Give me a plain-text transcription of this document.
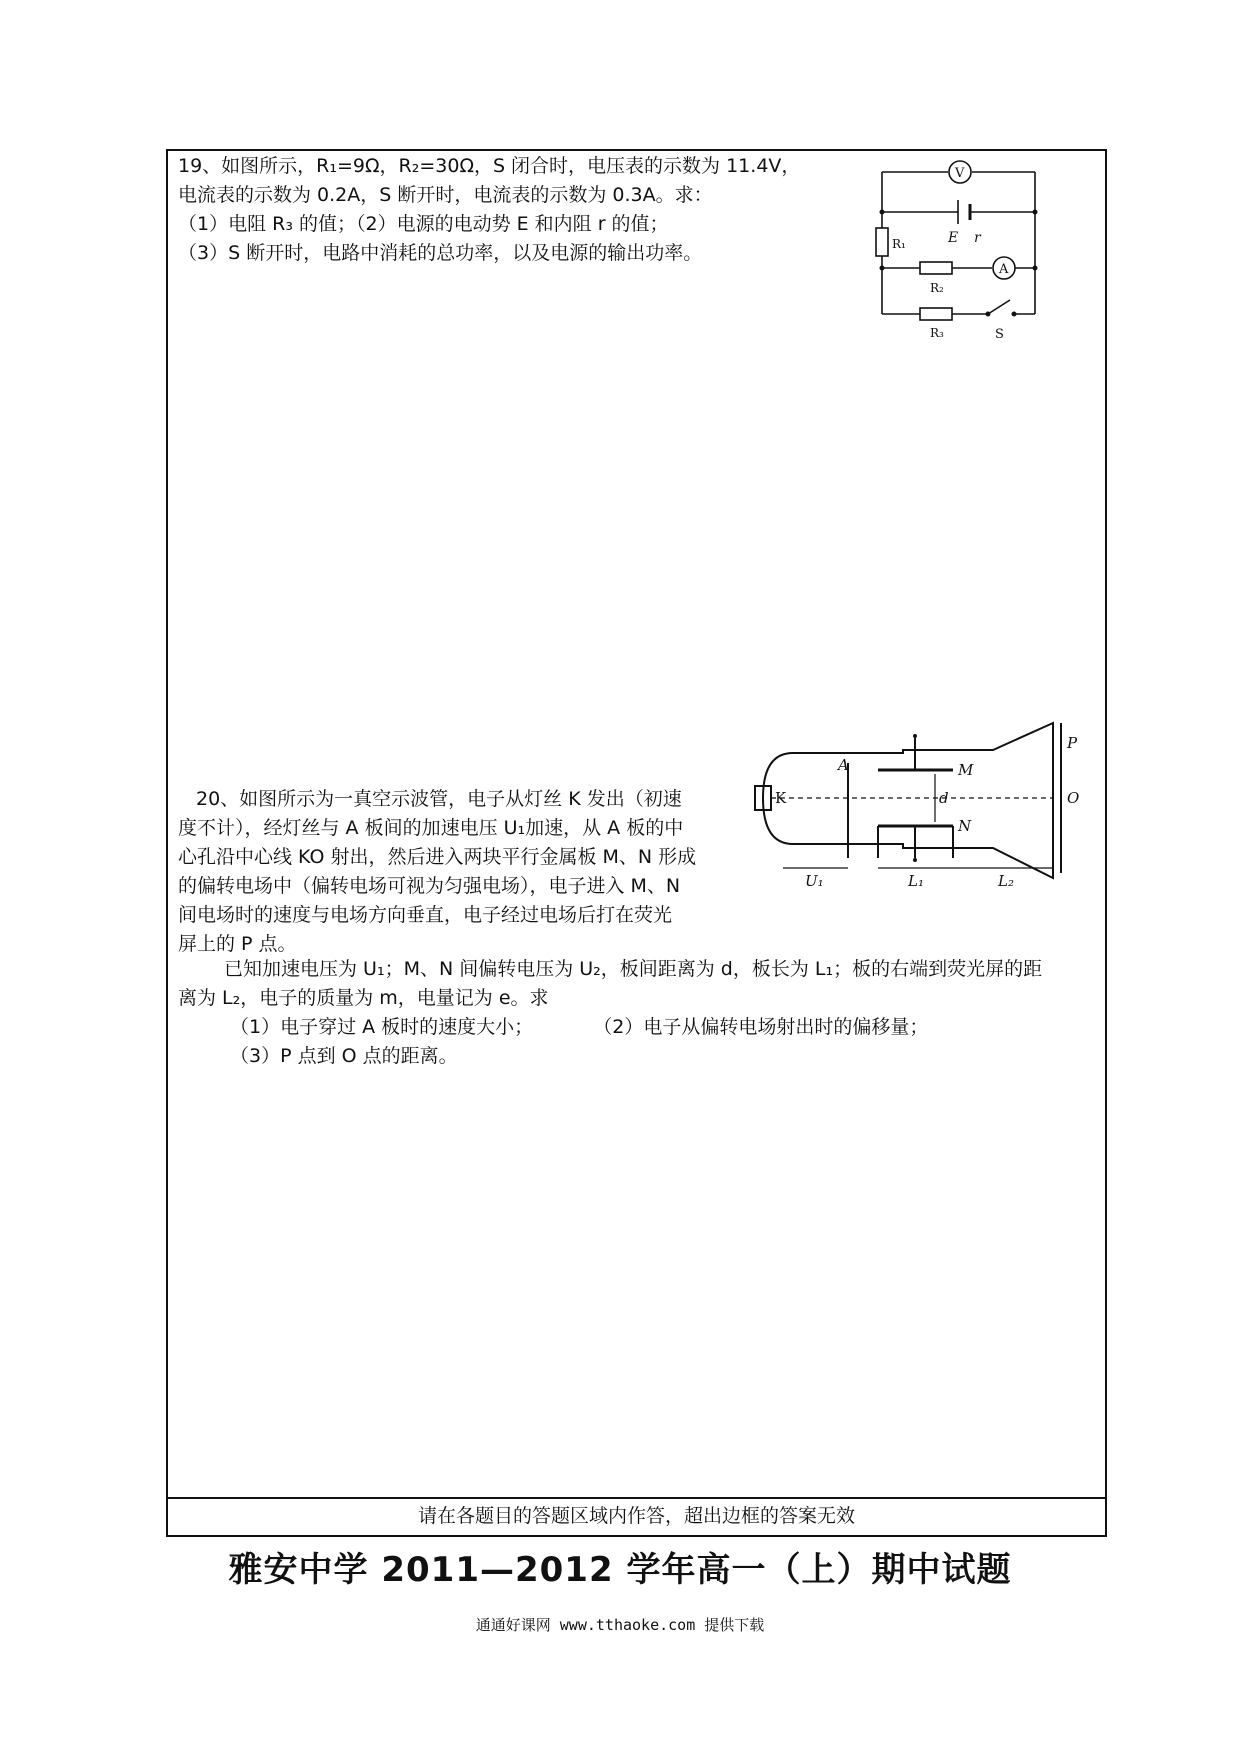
请在各题目的答题区域内作答，超出边框的答案无效

19、如图所示，R₁=9Ω，R₂=30Ω，S 闭合时，电压表的示数为 11.4V，

电流表的示数为 0.2A，S 断开时，电流表的示数为 0.3A。求：

（1）电阻 R₃ 的值；（2）电源的电动势 E 和内阻 r 的值；

（3）S 断开时，电路中消耗的总功率，以及电源的输出功率。

V
A
E r
R₁
R₂
R₃	S
K
A	M
N
d
P
O
U₁	L₁	L₂

20、如图所示为一真空示波管，电子从灯丝 K 发出（初速

度不计），经灯丝与 A 板间的加速电压 U₁加速，从 A 板的中

心孔沿中心线 KO 射出，然后进入两块平行金属板 M、N 形成

的偏转电场中（偏转电场可视为匀强电场），电子进入 M、N

间电场时的速度与电场方向垂直，电子经过电场后打在荧光

屏上的 P 点。

已知加速电压为 U₁；M、N 间偏转电压为 U₂，板间距离为 d，板长为 L₁；板的右端到荧光屏的距

离为 L₂，电子的质量为 m，电量记为 e。求

（1）电子穿过 A 板时的速度大小；	（2）电子从偏转电场射出时的偏移量；

（3）P 点到 O 点的距离。

雅安中学 2011—2012 学年高一（上）期中试题
通通好课网 www.tthaoke.com 提供下载
